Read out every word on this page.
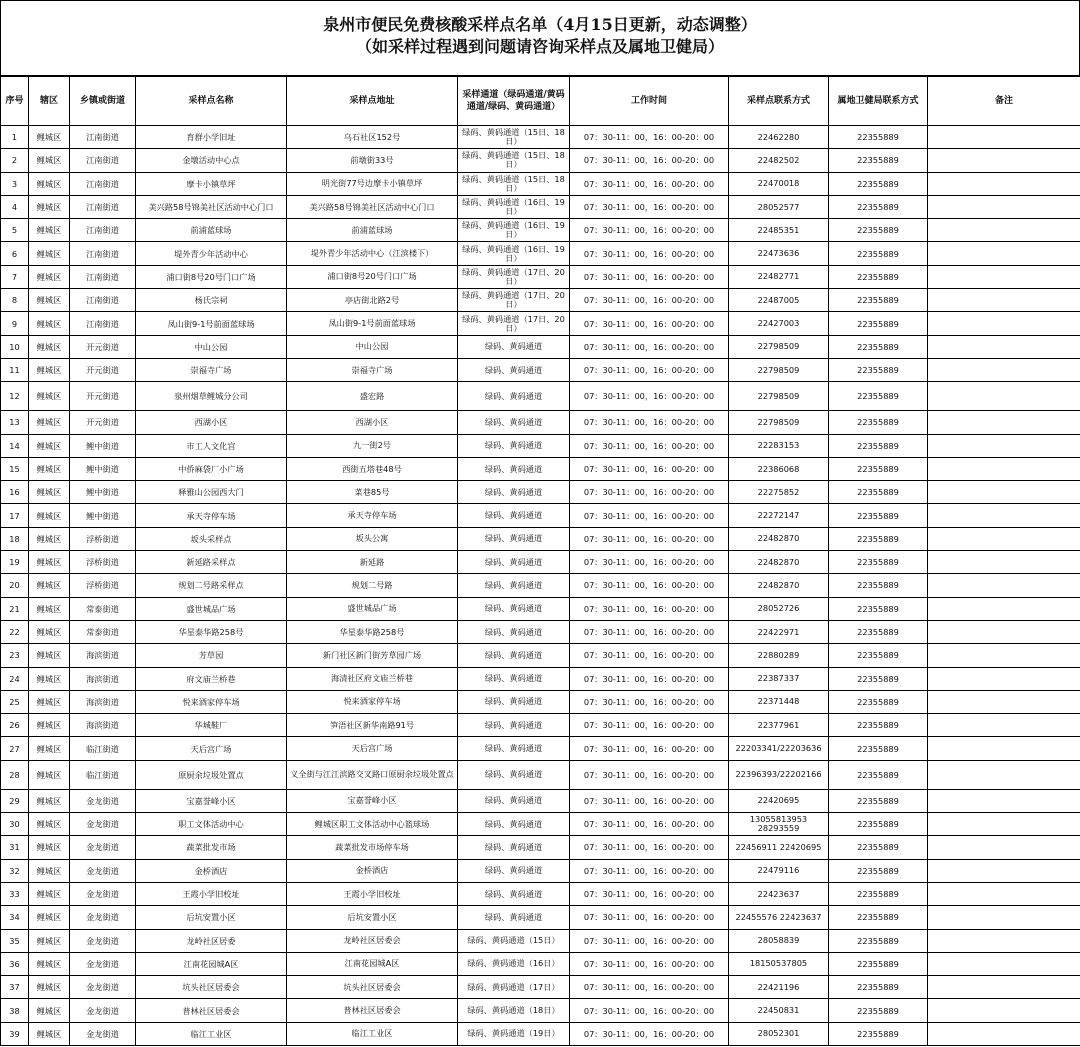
泉州市便民免费核酸采样点名单（4月15日更新，动态调整）
（如采样过程遇到问题请咨询采样点及属地卫健局）
序号	辖区	乡镇或街道	采样点名称	采样点地址	采样通道（绿码通道/黄码通道/绿码、黄码通道）	工作时间	采样点联系方式	属地卫健局联系方式	备注
1	鲤城区	江南街道	育群小学旧址	乌石社区152号	绿码、黄码通道（15日、18日）	07：30-11：00，16：00-20：00	22462280	22355889	
2	鲤城区	江南街道	金墩活动中心点	前墩街33号	绿码、黄码通道（15日、18日）	07：30-11：00，16：00-20：00	22482502	22355889	
3	鲤城区	江南街道	摩卡小镇草坪	明光街77号边摩卡小镇草坪	绿码、黄码通道（15日、18日）	07：30-11：00，16：00-20：00	22470018	22355889	
4	鲤城区	江南街道	美兴路58号锦美社区活动中心门口	美兴路58号锦美社区活动中心门口	绿码、黄码通道（16日、19日）	07：30-11：00，16：00-20：00	28052577	22355889	
5	鲤城区	江南街道	前浦蓝球场	前浦蓝球场	绿码、黄码通道（16日、19日）	07：30-11：00，16：00-20：00	22485351	22355889	
6	鲤城区	江南街道	堤外青少年活动中心	堤外青少年活动中心（江滨楼下）	绿码、黄码通道（16日、19日）	07：30-11：00，16：00-20：00	22473636	22355889	
7	鲤城区	江南街道	浦口街8号20号门口广场	浦口街8号20号门口广场	绿码、黄码通道（17日、20日）	07：30-11：00，16：00-20：00	22482771	22355889	
8	鲤城区	江南街道	杨氏宗祠	亭店街北路2号	绿码、黄码通道（17日、20日）	07：30-11：00，16：00-20：00	22487005	22355889	
9	鲤城区	江南街道	凤山街9-1号前面蓝球场	凤山街9-1号前面蓝球场	绿码、黄码通道（17日、20日）	07：30-11：00，16：00-20：00	22427003	22355889	
10	鲤城区	开元街道	中山公园	中山公园	绿码、黄码通道	07：30-11：00，16：00-20：00	22798509	22355889	
11	鲤城区	开元街道	崇福寺广场	崇福寺广场	绿码、黄码通道	07：30-11：00，16：00-20：00	22798509	22355889	
12	鲤城区	开元街道	泉州烟草鲤城分公司	盛宏路	绿码、黄码通道	07：30-11：00，16：00-20：00	22798509	22355889	
13	鲤城区	开元街道	西湖小区	西湖小区	绿码、黄码通道	07：30-11：00，16：00-20：00	22798509	22355889	
14	鲤城区	鲤中街道	市工人文化宫	九一街2号	绿码、黄码通道	07：30-11：00，16：00-20：00	22283153	22355889	
15	鲤城区	鲤中街道	中侨麻袋厂小广场	西街五塔巷48号	绿码、黄码通道	07：30-11：00，16：00-20：00	22386068	22355889	
16	鲤城区	鲤中街道	释雅山公园西大门	菜巷85号	绿码、黄码通道	07：30-11：00，16：00-20：00	22275852	22355889	
17	鲤城区	鲤中街道	承天寺停车场	承天寺停车场	绿码、黄码通道	07：30-11：00，16：00-20：00	22272147	22355889	
18	鲤城区	浮桥街道	坂头采样点	坂头公寓	绿码、黄码通道	07：30-11：00，16：00-20：00	22482870	22355889	
19	鲤城区	浮桥街道	新延路采样点	新延路	绿码、黄码通道	07：30-11：00，16：00-20：00	22482870	22355889	
20	鲤城区	浮桥街道	规划二号路采样点	规划二号路	绿码、黄码通道	07：30-11：00，16：00-20：00	22482870	22355889	
21	鲤城区	常泰街道	盛世城品广场	盛世城品广场	绿码、黄码通道	07：30-11：00，16：00-20：00	28052726	22355889	
22	鲤城区	常泰街道	华星泰华路258号	华星泰华路258号	绿码、黄码通道	07：30-11：00，16：00-20：00	22422971	22355889	
23	鲤城区	海滨街道	芳草园	新门社区新门街芳草园广场	绿码、黄码通道	07：30-11：00，16：00-20：00	22880289	22355889	
24	鲤城区	海滨街道	府文庙兰桥巷	海清社区府文庙兰桥巷	绿码、黄码通道	07：30-11：00，16：00-20：00	22387337	22355889	
25	鲤城区	海滨街道	悦来酒家停车场	悦来酒家停车场	绿码、黄码通道	07：30-11：00，16：00-20：00	22371448	22355889	
26	鲤城区	海滨街道	华城鞋厂	笋浯社区新华南路91号	绿码、黄码通道	07：30-11：00，16：00-20：00	22377961	22355889	
27	鲤城区	临江街道	天后宫广场	天后宫广场	绿码、黄码通道	07：30-11：00，16：00-20：00	22203341/22203636	22355889	
28	鲤城区	临江街道	原厨余垃圾处置点	义全街与江江滨路交叉路口原厨余垃圾处置点	绿码、黄码通道	07：30-11：00，16：00-20：00	22396393/22202166	22355889	
29	鲤城区	金龙街道	宝嘉誉峰小区	宝嘉誉峰小区	绿码、黄码通道	07：30-11：00，16：00-20：00	22420695	22355889	
30	鲤城区	金龙街道	职工文体活动中心	鲤城区职工文体活动中心篮球场	绿码、黄码通道	07：30-11：00，16：00-20：00	13055813953 28293559	22355889	
31	鲤城区	金龙街道	蔬菜批发市场	蔬菜批发市场停车场	绿码、黄码通道	07：30-11：00，16：00-20：00	22456911 22420695	22355889	
32	鲤城区	金龙街道	金桥酒店	金桥酒店	绿码、黄码通道	07：30-11：00，16：00-20：00	22479116	22355889	
33	鲤城区	金龙街道	王霞小学旧校址	王霞小学旧校址	绿码、黄码通道	07：30-11：00，16：00-20：00	22423637	22355889	
34	鲤城区	金龙街道	后坑安置小区	后坑安置小区	绿码、黄码通道	07：30-11：00，16：00-20：00	22455576 22423637	22355889	
35	鲤城区	金龙街道	龙岭社区居委	龙岭社区居委会	绿码、黄码通道（15日）	07：30-11：00，16：00-20：00	28058839	22355889	
36	鲤城区	金龙街道	江南花园城A区	江南花园城A区	绿码、黄码通道（16日）	07：30-11：00，16：00-20：00	18150537805	22355889	
37	鲤城区	金龙街道	坑头社区居委会	坑头社区居委会	绿码、黄码通道（17日）	07：30-11：00，16：00-20：00	22421196	22355889	
38	鲤城区	金龙街道	普林社区居委会	普林社区居委会	绿码、黄码通道（18日）	07：30-11：00，16：00-20：00	22450831	22355889	
39	鲤城区	金龙街道	临江工业区	临江工业区	绿码、黄码通道（19日）	07：30-11：00，16：00-20：00	28052301	22355889	
